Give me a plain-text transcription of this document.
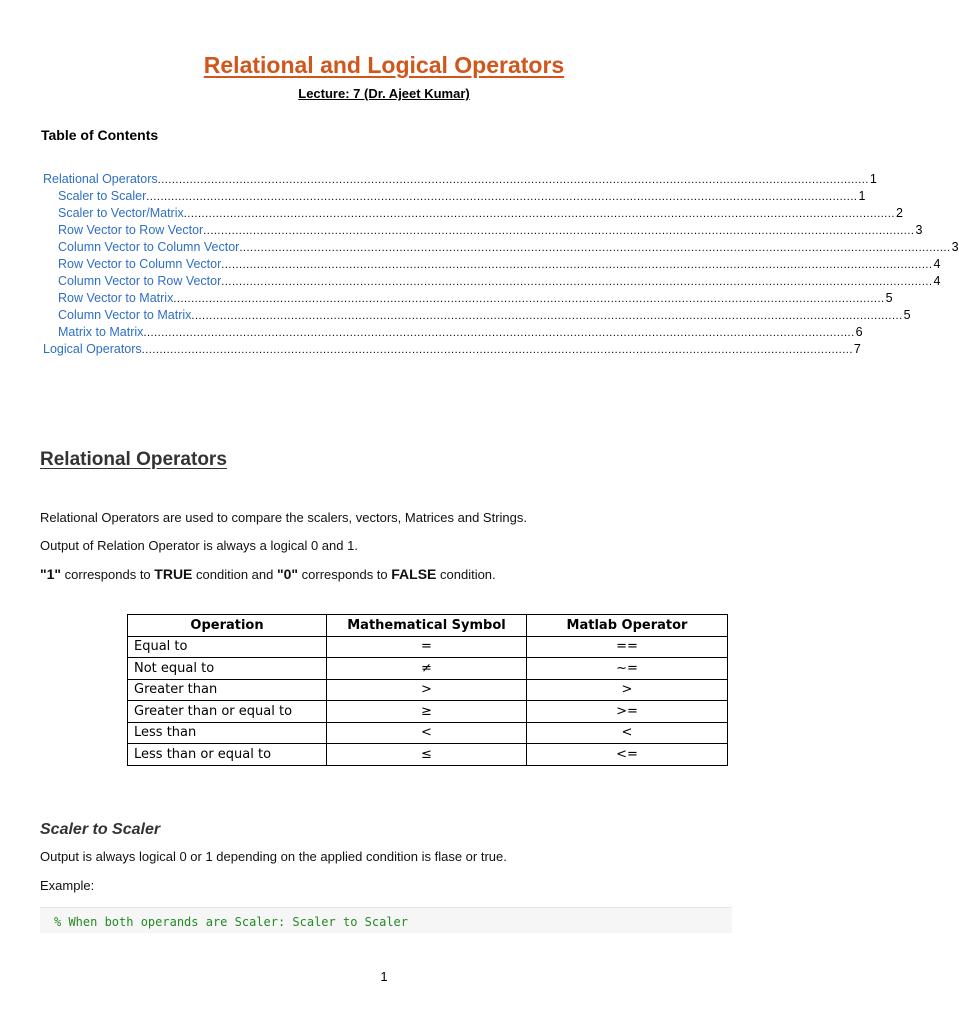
Relational and Logical Operators
Lecture: 7 (Dr. Ajeet Kumar)
Table of Contents
Relational Operators ........................................................................................................................................................................................................ 1
Scaler to Scaler ........................................................................................................................................................................................................ 1
Scaler to Vector/Matrix ........................................................................................................................................................................................................ 2
Row Vector to Row Vector ........................................................................................................................................................................................................ 3
Column Vector to Column Vector ........................................................................................................................................................................................................ 3
Row Vector to Column Vector ........................................................................................................................................................................................................ 4
Column Vector to Row Vector ........................................................................................................................................................................................................ 4
Row Vector to Matrix ........................................................................................................................................................................................................ 5
Column Vector to Matrix ........................................................................................................................................................................................................ 5
Matrix to Matrix ........................................................................................................................................................................................................ 6
Logical Operators ........................................................................................................................................................................................................ 7
Relational Operators
Relational Operators are used to compare the scalers, vectors, Matrices and Strings.
Output of Relation Operator is always a logical 0 and 1.
"1" corresponds to TRUE condition and "0" corresponds to FALSE condition.
Operation	Mathematical Symbol	Matlab Operator
Equal to	=	==
Not equal to	≠	~=
Greater than	>	>
Greater than or equal to	≥	>=
Less than	<	<
Less than or equal to	≤	<=
Scaler to Scaler
Output is always logical 0 or 1 depending on the applied condition is flase or true.
Example:
% When both operands are Scaler: Scaler to Scaler
1
